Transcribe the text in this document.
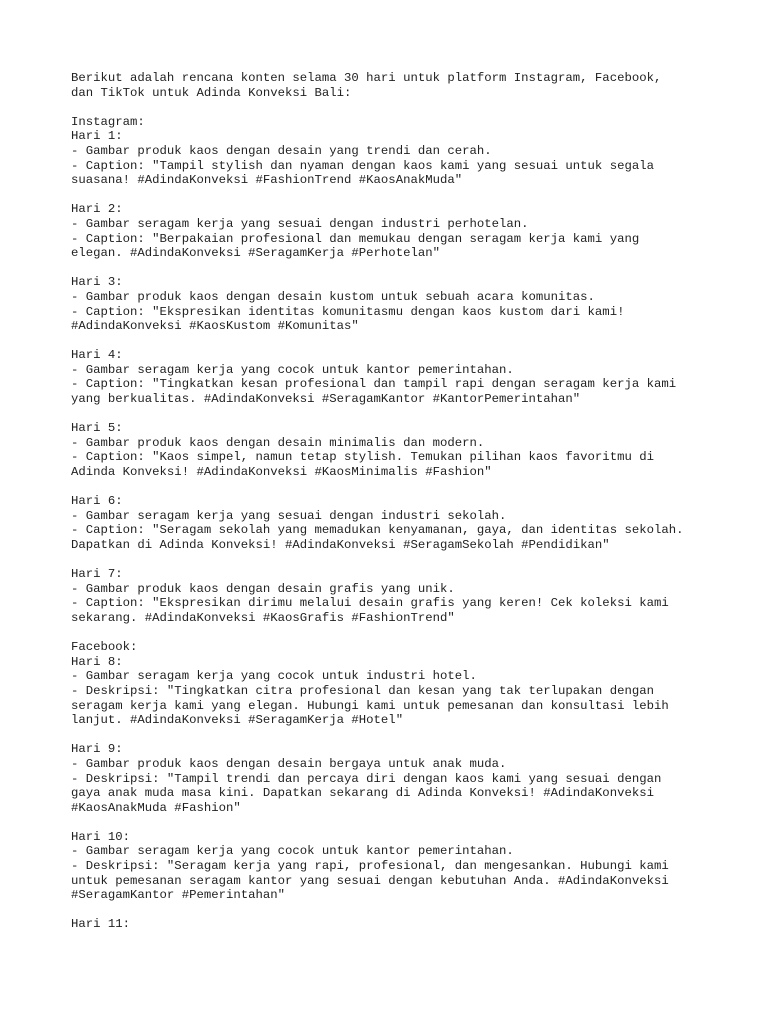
Berikut adalah rencana konten selama 30 hari untuk platform Instagram, Facebook,
dan TikTok untuk Adinda Konveksi Bali:
Instagram:
Hari 1:
- Gambar produk kaos dengan desain yang trendi dan cerah.
- Caption: "Tampil stylish dan nyaman dengan kaos kami yang sesuai untuk segala
suasana! #AdindaKonveksi #FashionTrend #KaosAnakMuda"
Hari 2:
- Gambar seragam kerja yang sesuai dengan industri perhotelan.
- Caption: "Berpakaian profesional dan memukau dengan seragam kerja kami yang
elegan. #AdindaKonveksi #SeragamKerja #Perhotelan"
Hari 3:
- Gambar produk kaos dengan desain kustom untuk sebuah acara komunitas.
- Caption: "Ekspresikan identitas komunitasmu dengan kaos kustom dari kami!
#AdindaKonveksi #KaosKustom #Komunitas"
Hari 4:
- Gambar seragam kerja yang cocok untuk kantor pemerintahan.
- Caption: "Tingkatkan kesan profesional dan tampil rapi dengan seragam kerja kami
yang berkualitas. #AdindaKonveksi #SeragamKantor #KantorPemerintahan"
Hari 5:
- Gambar produk kaos dengan desain minimalis dan modern.
- Caption: "Kaos simpel, namun tetap stylish. Temukan pilihan kaos favoritmu di
Adinda Konveksi! #AdindaKonveksi #KaosMinimalis #Fashion"
Hari 6:
- Gambar seragam kerja yang sesuai dengan industri sekolah.
- Caption: "Seragam sekolah yang memadukan kenyamanan, gaya, dan identitas sekolah.
Dapatkan di Adinda Konveksi! #AdindaKonveksi #SeragamSekolah #Pendidikan"
Hari 7:
- Gambar produk kaos dengan desain grafis yang unik.
- Caption: "Ekspresikan dirimu melalui desain grafis yang keren! Cek koleksi kami
sekarang. #AdindaKonveksi #KaosGrafis #FashionTrend"
Facebook:
Hari 8:
- Gambar seragam kerja yang cocok untuk industri hotel.
- Deskripsi: "Tingkatkan citra profesional dan kesan yang tak terlupakan dengan
seragam kerja kami yang elegan. Hubungi kami untuk pemesanan dan konsultasi lebih
lanjut. #AdindaKonveksi #SeragamKerja #Hotel"
Hari 9:
- Gambar produk kaos dengan desain bergaya untuk anak muda.
- Deskripsi: "Tampil trendi dan percaya diri dengan kaos kami yang sesuai dengan
gaya anak muda masa kini. Dapatkan sekarang di Adinda Konveksi! #AdindaKonveksi
#KaosAnakMuda #Fashion"
Hari 10:
- Gambar seragam kerja yang cocok untuk kantor pemerintahan.
- Deskripsi: "Seragam kerja yang rapi, profesional, dan mengesankan. Hubungi kami
untuk pemesanan seragam kantor yang sesuai dengan kebutuhan Anda. #AdindaKonveksi
#SeragamKantor #Pemerintahan"
Hari 11:
